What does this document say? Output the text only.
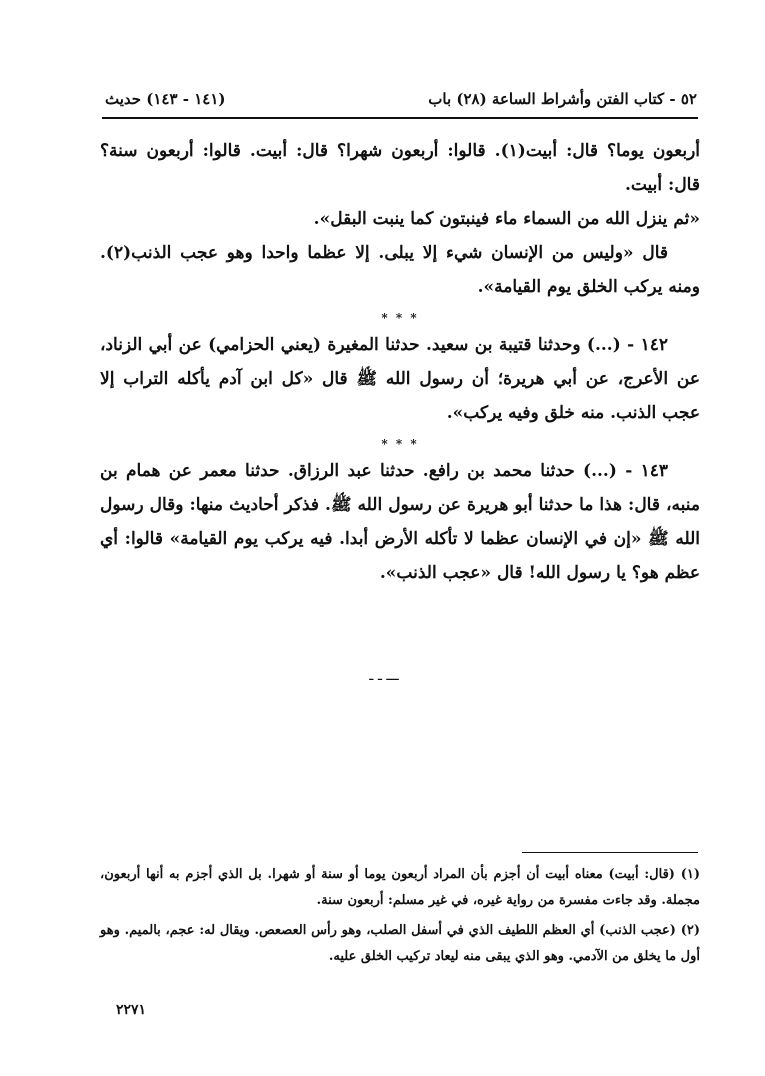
٥٢ - كتاب الفتن وأشراط الساعة (٢٨) باب
(١٤١ - ١٤٣) حديث

أربعون يوما؟ قال: أبيت(١). قالوا: أربعون شهرا؟ قال: أبيت. قالوا: أربعون سنة؟ قال: أبيت.

«ثم ينزل الله من السماء ماء فينبتون كما ينبت البقل».

قال «وليس من الإنسان شيء إلا يبلى. إلا عظما واحدا وهو عجب الذنب(٢). ومنه يركب الخلق يوم القيامة».

* * *

١٤٢ - (...) وحدثنا قتيبة بن سعيد. حدثنا المغيرة (يعني الحزامي) عن أبي الزناد، عن الأعرج، عن أبي هريرة؛ أن رسول الله ﷺ قال «كل ابن آدم يأكله التراب إلا عجب الذنب. منه خلق وفيه يركب».

* * *

١٤٣ - (...) حدثنا محمد بن رافع. حدثنا عبد الرزاق. حدثنا معمر عن همام بن منبه، قال: هذا ما حدثنا أبو هريرة عن رسول الله ﷺ. فذكر أحاديث منها: وقال رسول الله ﷺ «إن في الإنسان عظما لا تأكله الأرض أبدا. فيه يركب يوم القيامة» قالوا: أي عظم هو؟ يا رسول الله! قال «عجب الذنب».

ـــ ـ ـ

(١) (قال: أبيت) معناه أبيت أن أجزم بأن المراد أربعون يوما أو سنة أو شهرا. بل الذي أجزم به أنها أربعون، مجملة. وقد جاءت مفسرة من رواية غيره، في غير مسلم: أربعون سنة.

(٢) (عجب الذنب) أي العظم اللطيف الذي في أسفل الصلب، وهو رأس العصعص. ويقال له: عجم، بالميم. وهو أول ما يخلق من الآدمي. وهو الذي يبقى منه ليعاد تركيب الخلق عليه.

٢٢٧١
